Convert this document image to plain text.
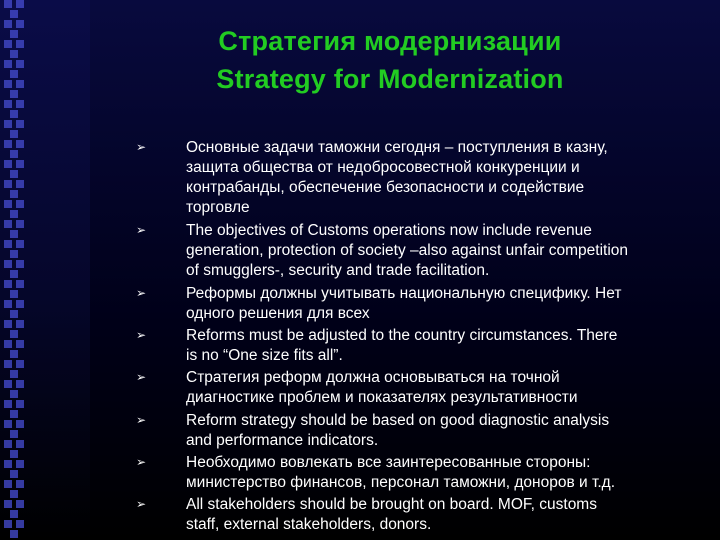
Стратегия модернизации
Strategy for Modernization
➢	Основные задачи таможни сегодня – поступления в казну,
защита общества от недобросовестной конкуренции и
контрабанды, обеспечение безопасности и содействие
торговле
➢	The objectives of Customs operations now include revenue
generation, protection of society –also against unfair competition
of smugglers-, security and trade facilitation.
➢	Реформы должны учитывать национальную специфику. Нет
одного решения для всех
➢	Reforms must be adjusted to the country circumstances. There
is no “One size fits all”.
➢	Стратегия реформ должна основываться на точной
диагностике проблем и показателях результативности
➢	Reform strategy should be based on good diagnostic analysis
and performance indicators.
➢	Необходимо вовлекать все заинтересованные стороны:
министерство финансов, персонал таможни, доноров и т.д.
➢	All stakeholders should be brought on board. MOF, customs
staff, external stakeholders, donors.
